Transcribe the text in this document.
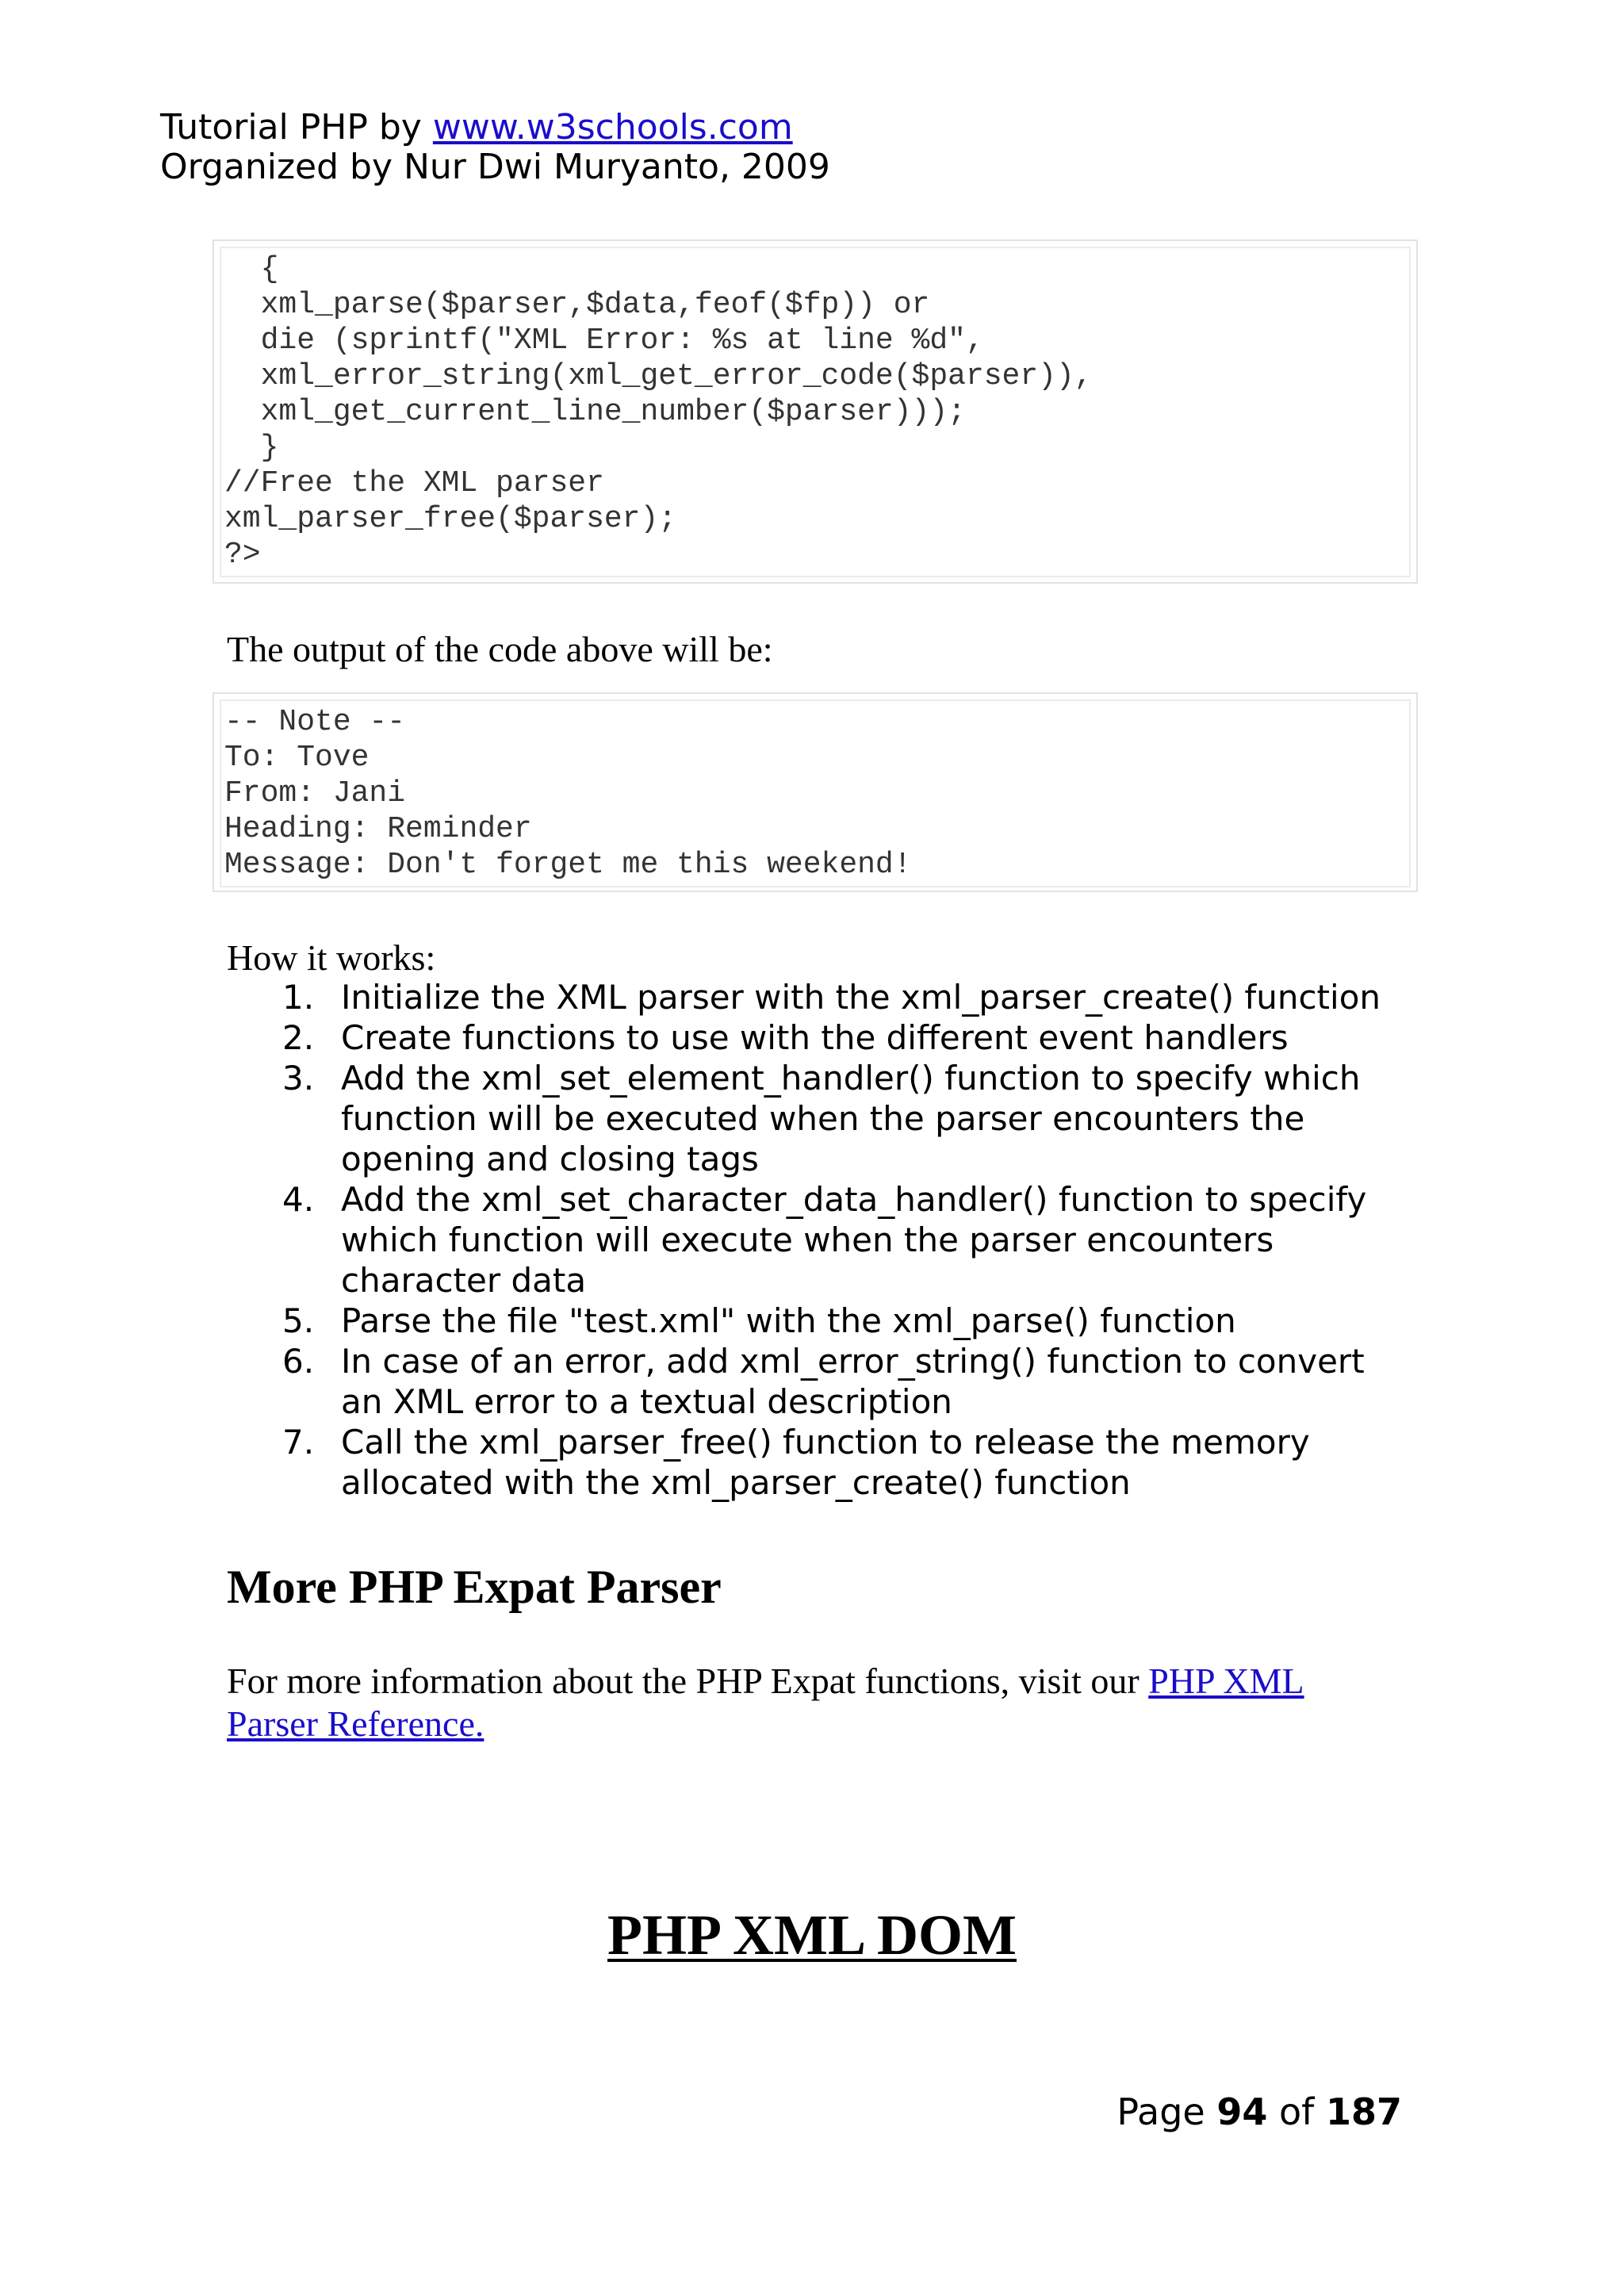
Tutorial PHP by www.w3schools.com
Organized by Nur Dwi Muryanto, 2009
{
xml_parse($parser,$data,feof($fp)) or
die (sprintf("XML Error: %s at line %d",
xml_error_string(xml_get_error_code($parser)),
xml_get_current_line_number($parser)));
}
//Free the XML parser
xml_parser_free($parser);
?>
The output of the code above will be:
-- Note --
To: Tove
From: Jani
Heading: Reminder
Message: Don't forget me this weekend!
How it works:
1. Initialize the XML parser with the xml_parser_create() function
2. Create functions to use with the different event handlers
3. Add the xml_set_element_handler() function to specify which function will be executed when the parser encounters the opening and closing tags
4. Add the xml_set_character_data_handler() function to specify which function will execute when the parser encounters character data
5. Parse the file "test.xml" with the xml_parse() function
6. In case of an error, add xml_error_string() function to convert an XML error to a textual description
7. Call the xml_parser_free() function to release the memory allocated with the xml_parser_create() function
More PHP Expat Parser
For more information about the PHP Expat functions, visit our PHP XML Parser Reference.
PHP XML DOM
Page 94 of 187
